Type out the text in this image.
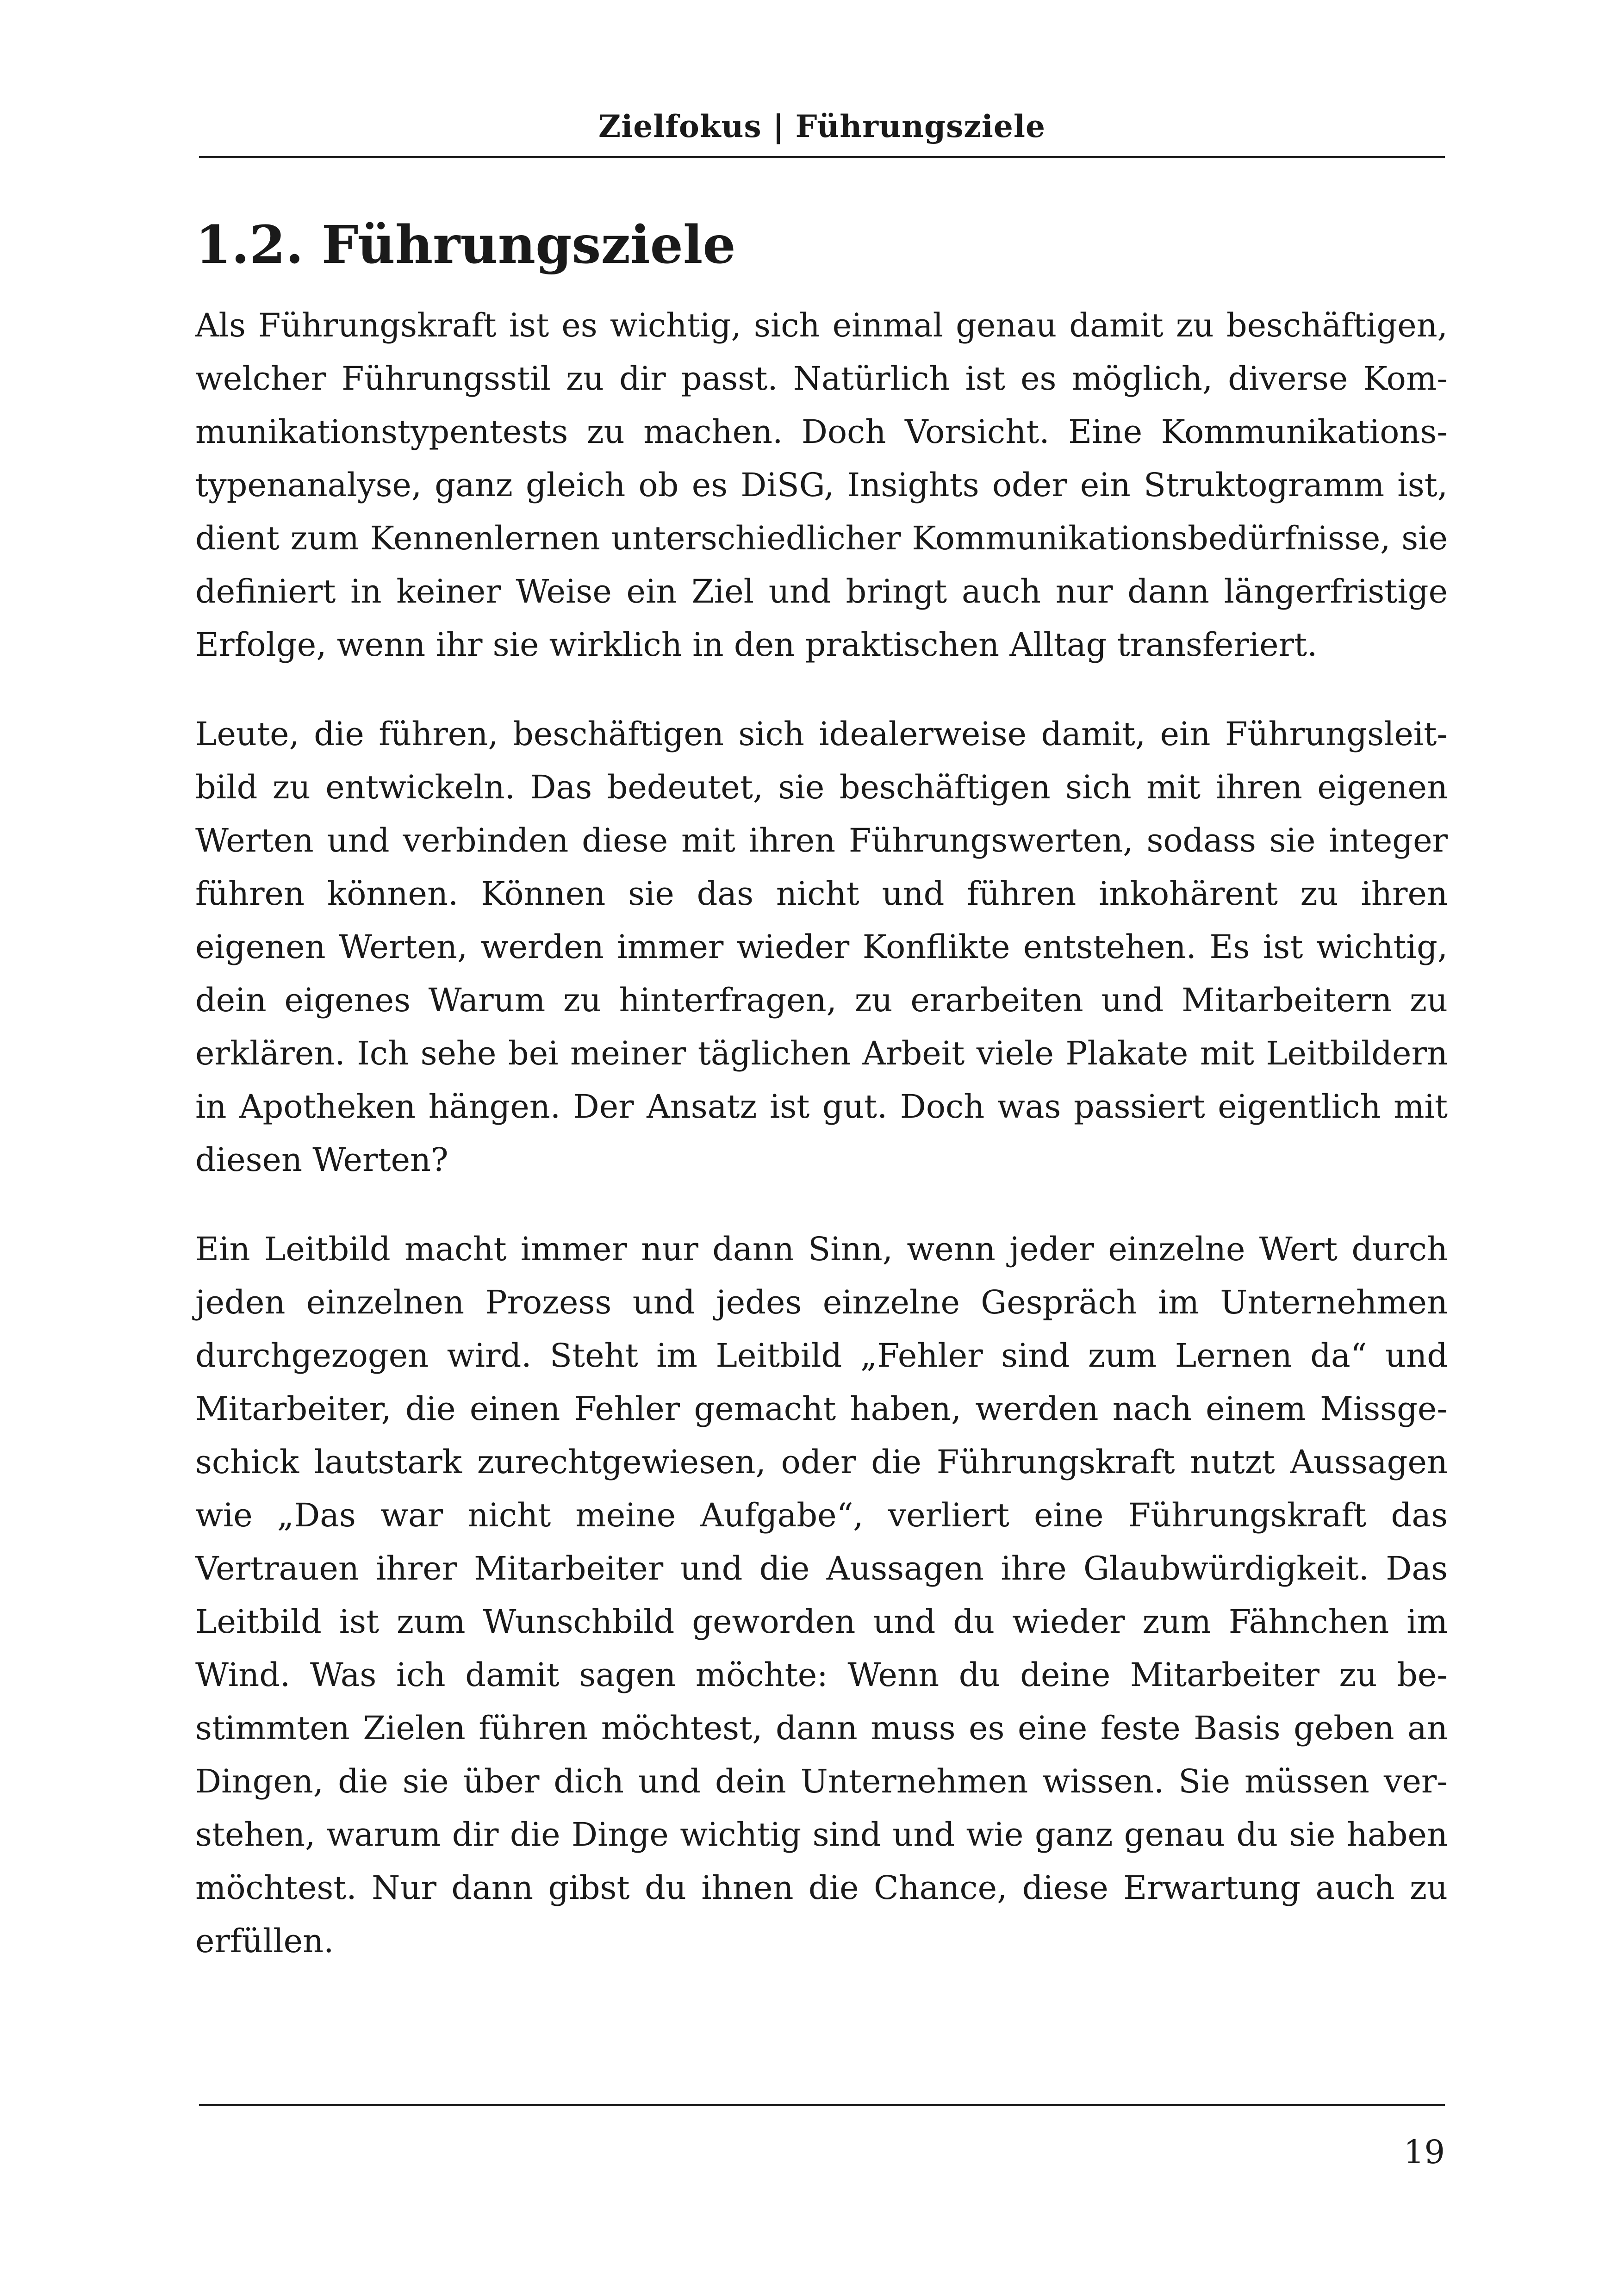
Zielfokus | Führungsziele
1.2. Führungsziele

Als Führungskraft ist es wichtig, sich einmal genau damit zu beschäftigen, welcher Führungsstil zu dir passt. Natürlich ist es möglich, diverse Kommunikationstypentests zu machen. Doch Vorsicht. Eine Kommunikationstypenanalyse, ganz gleich ob es DiSG, Insights oder ein Struktogramm ist, dient zum Kennenlernen unterschiedlicher Kommunikationsbedürfnisse, sie definiert in keiner Weise ein Ziel und bringt auch nur dann längerfristige Erfolge, wenn ihr sie wirklich in den praktischen Alltag transferiert.

Leute, die führen, beschäftigen sich idealerweise damit, ein Führungsleitbild zu entwickeln. Das bedeutet, sie beschäftigen sich mit ihren eigenen Werten und verbinden diese mit ihren Führungswerten, sodass sie integer führen können. Können sie das nicht und führen inkohärent zu ihren eigenen Werten, werden immer wieder Konflikte entstehen. Es ist wichtig, dein eigenes Warum zu hinterfragen, zu erarbeiten und Mitarbeitern zu erklären. Ich sehe bei meiner täglichen Arbeit viele Plakate mit Leitbildern in Apotheken hängen. Der Ansatz ist gut. Doch was passiert eigentlich mit diesen Werten?

Ein Leitbild macht immer nur dann Sinn, wenn jeder einzelne Wert durch jeden einzelnen Prozess und jedes einzelne Gespräch im Unternehmen durchgezogen wird. Steht im Leitbild „Fehler sind zum Lernen da“ und Mitarbeiter, die einen Fehler gemacht haben, werden nach einem Missgeschick lautstark zurechtgewiesen, oder die Führungskraft nutzt Aussagen wie „Das war nicht meine Aufgabe“, verliert eine Führungskraft das Vertrauen ihrer Mitarbeiter und die Aussagen ihre Glaubwürdigkeit. Das Leitbild ist zum Wunschbild geworden und du wieder zum Fähnchen im Wind. Was ich damit sagen möchte: Wenn du deine Mitarbeiter zu bestimmten Zielen führen möchtest, dann muss es eine feste Basis geben an Dingen, die sie über dich und dein Unternehmen wissen. Sie müssen verstehen, warum dir die Dinge wichtig sind und wie ganz genau du sie haben möchtest. Nur dann gibst du ihnen die Chance, diese Erwartung auch zu erfüllen.

19
